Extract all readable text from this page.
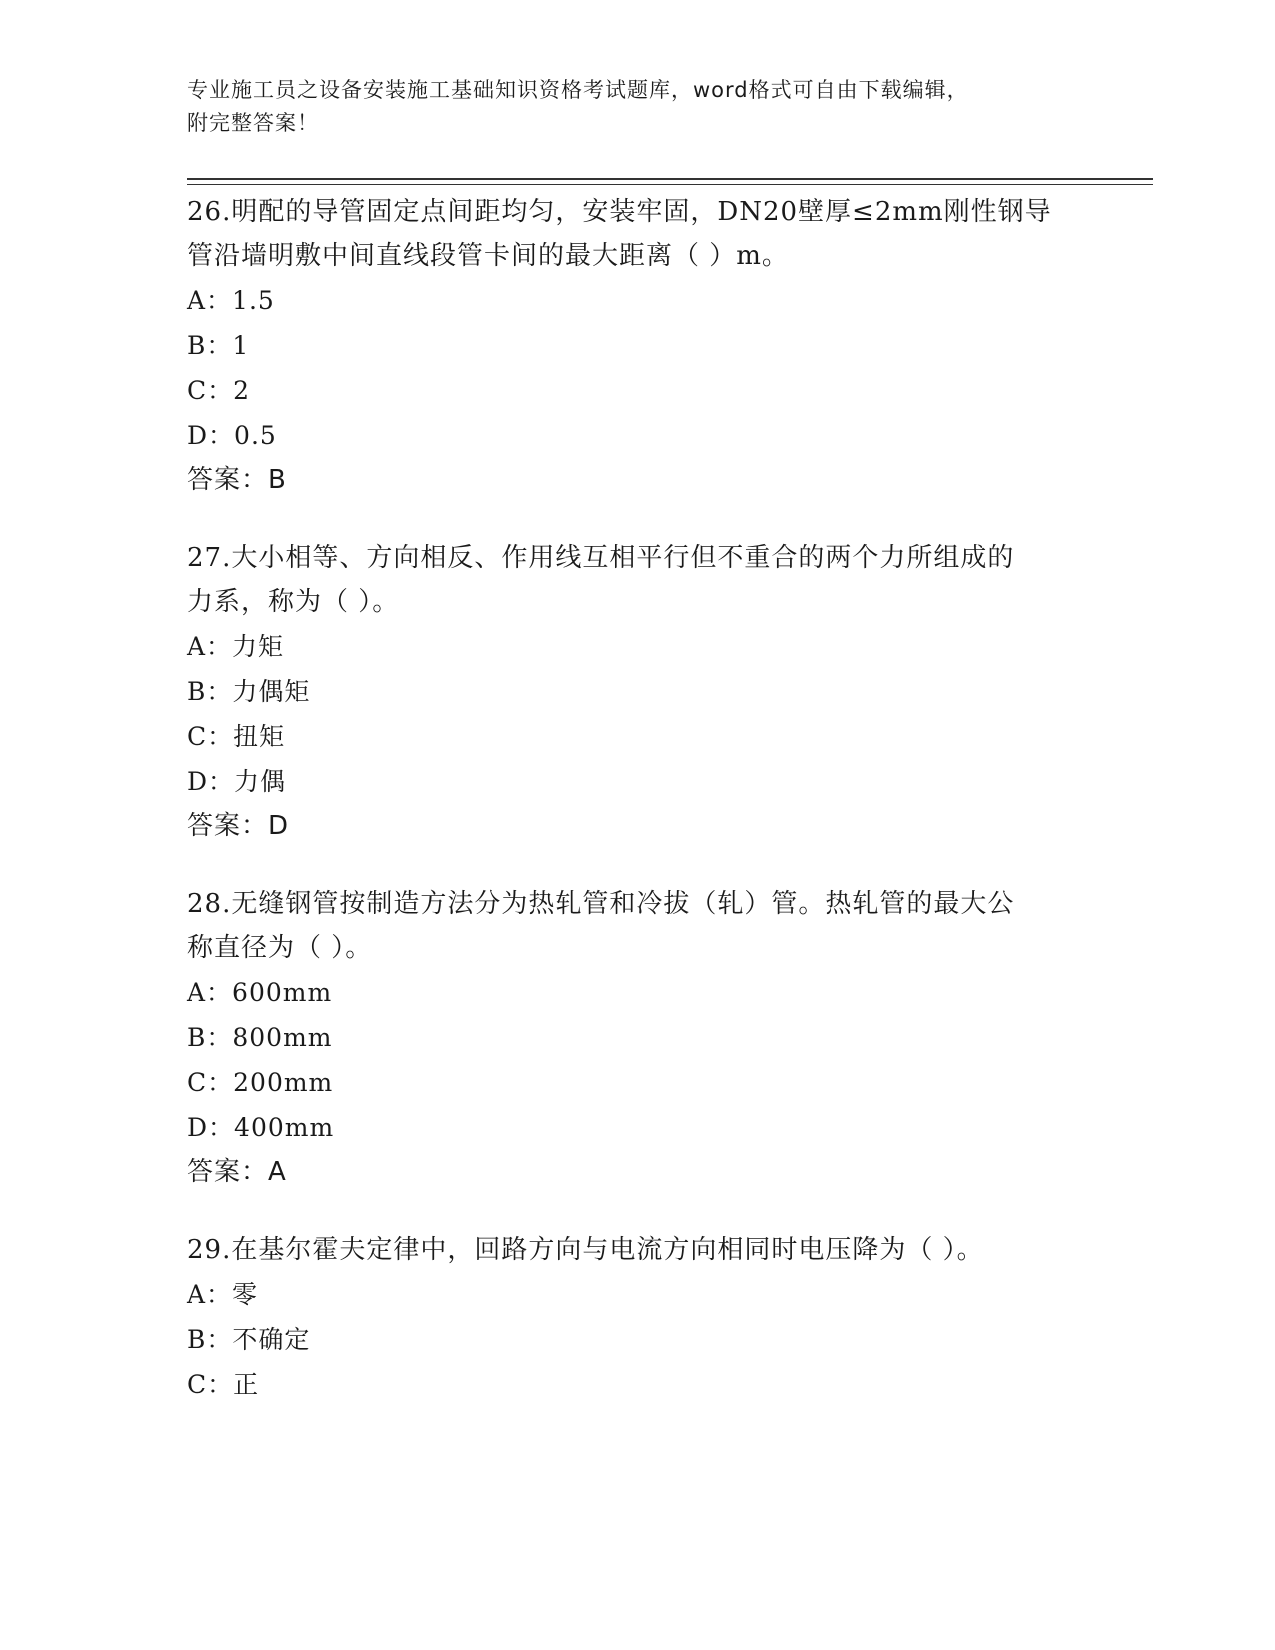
专业施工员之设备安装施工基础知识资格考试题库，word格式可自由下载编辑，
附完整答案！

26.明配的导管固定点间距均匀，安装牢固，DN20壁厚≤2mm刚性钢导

管沿墙明敷中间直线段管卡间的最大距离（ ）m。

A：1.5

B：1

C：2

D：0.5

答案：B

27.大小相等、方向相反、作用线互相平行但不重合的两个力所组成的

力系，称为（ ）。

A：力矩

B：力偶矩

C：扭矩

D：力偶

答案：D

28.无缝钢管按制造方法分为热轧管和冷拔（轧）管。热轧管的最大公

称直径为（ ）。

A：600mm

B：800mm

C：200mm

D：400mm

答案：A

29.在基尔霍夫定律中，回路方向与电流方向相同时电压降为（ ）。

A：零

B：不确定

C：正
